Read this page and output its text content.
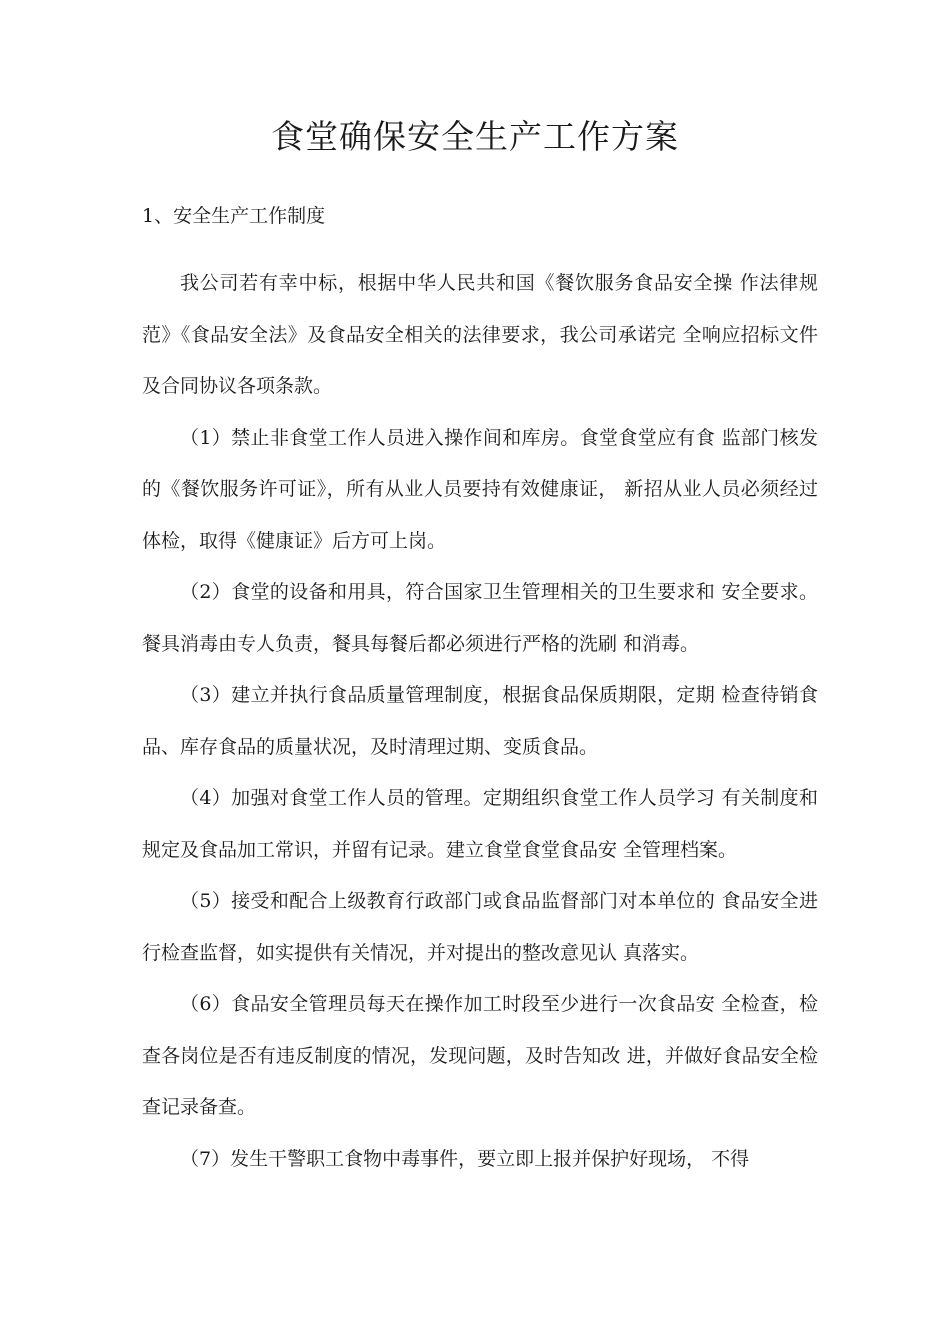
食堂确保安全生产工作方案
1、安全生产工作制度

我公司若有幸中标，根据中华人民共和国《餐饮服务食品安全操 作法律规范》《食品安全法》及食品安全相关的法律要求，我公司承诺完 全响应招标文件及合同协议各项条款。

（1）禁止非食堂工作人员进入操作间和库房。食堂食堂应有食 监部门核发的《餐饮服务许可证》，所有从业人员要持有效健康证， 新招从业人员必须经过体检，取得《健康证》后方可上岗。

（2）食堂的设备和用具，符合国家卫生管理相关的卫生要求和 安全要求。餐具消毒由专人负责，餐具每餐后都必须进行严格的洗刷 和消毒。

（3）建立并执行食品质量管理制度，根据食品保质期限，定期 检查待销食品、库存食品的质量状况，及时清理过期、变质食品。

（4）加强对食堂工作人员的管理。定期组织食堂工作人员学习 有关制度和规定及食品加工常识，并留有记录。建立食堂食堂食品安 全管理档案。

（5）接受和配合上级教育行政部门或食品监督部门对本单位的 食品安全进行检查监督，如实提供有关情况，并对提出的整改意见认 真落实。

（6）食品安全管理员每天在操作加工时段至少进行一次食品安 全检查，检查各岗位是否有违反制度的情况，发现问题，及时告知改 进，并做好食品安全检查记录备查。

（7）发生干警职工食物中毒事件，要立即上报并保护好现场， 不得
